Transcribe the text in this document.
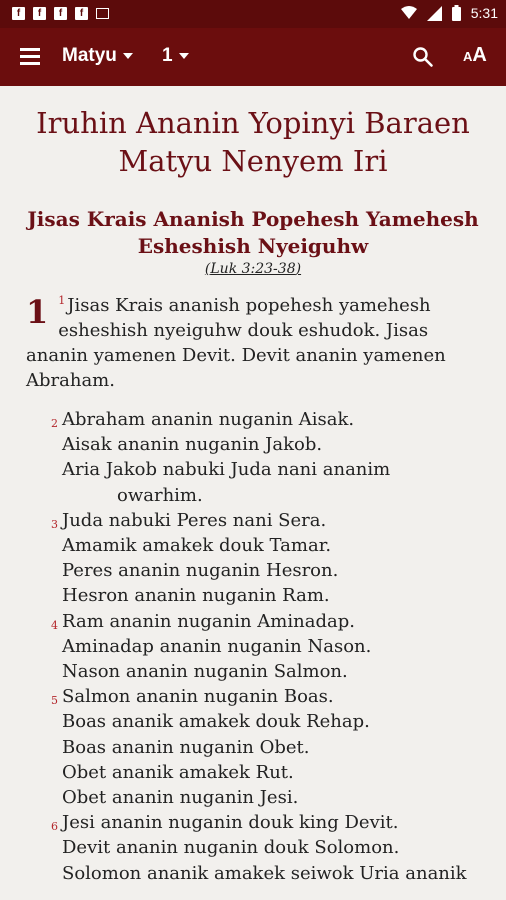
f	f	f	f	5:31
Matyu 1	AA
Iruhin Ananin Yopinyi Baraen Matyu Nenyem Iri
Jisas Krais Ananish Popehesh Yamehesh Esheshish Nyeiguhw
(Luk 3:23-38)
1 $^1$ Jisas Krais ananish popehesh yamehesh esheshish nyeiguhw douk eshudok. Jisas ananin yamenen Devit. Devit ananin yamenen Abraham.
2 Abraham ananin nuganin Aisak.
Aisak ananin nuganin Jakob.
Aria Jakob nabuki Juda nani ananim
owarhim.
3 Juda nabuki Peres nani Sera.
Amamik amakek douk Tamar.
Peres ananin nuganin Hesron.
Hesron ananin nuganin Ram.
4 Ram ananin nuganin Aminadap.
Aminadap ananin nuganin Nason.
Nason ananin nuganin Salmon.
5 Salmon ananin nuganin Boas.
Boas ananik amakek douk Rehap.
Boas ananin nuganin Obet.
Obet ananik amakek Rut.
Obet ananin nuganin Jesi.
6 Jesi ananin nuganin douk king Devit.
Devit ananin nuganin douk Solomon.
Solomon ananik amakek seiwok Uria ananik
